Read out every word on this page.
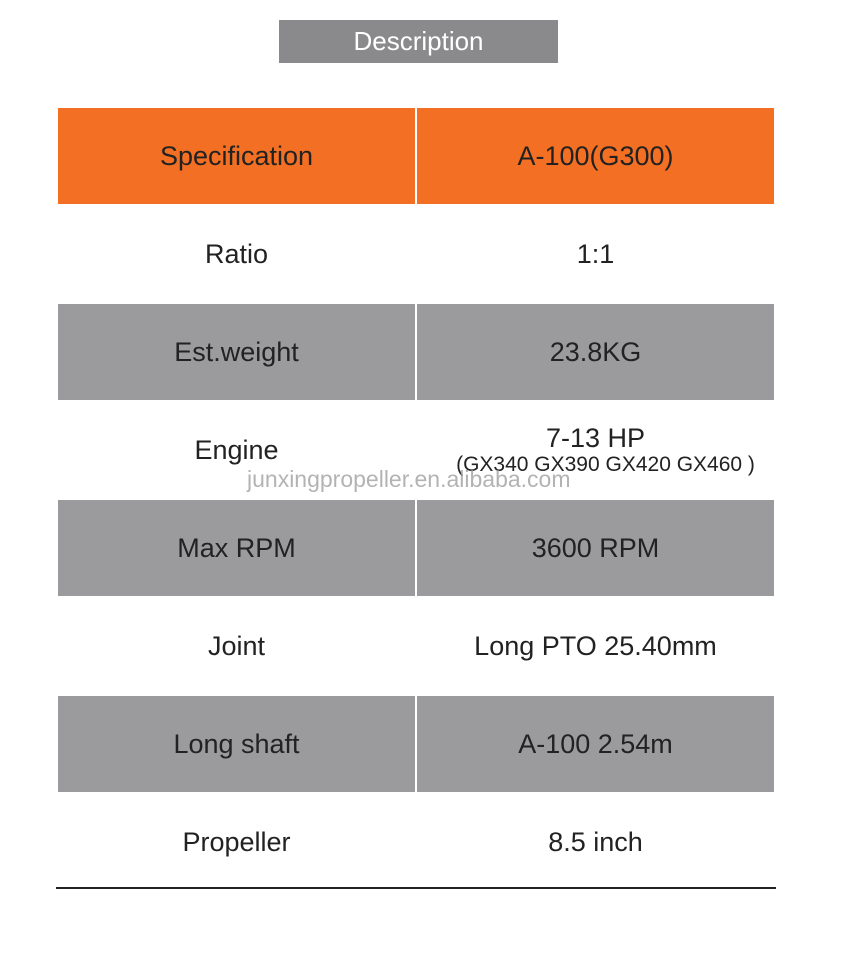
Description
Specification	A-100(G300)
Ratio	1:1
Est.weight	23.8KG
Engine	7-13 HP
(GX340 GX390 GX420 GX460 )
Max RPM	3600 RPM
Joint	Long PTO 25.40mm
Long shaft	A-100 2.54m
Propeller	8.5 inch
junxingpropeller.en.alibaba.com
